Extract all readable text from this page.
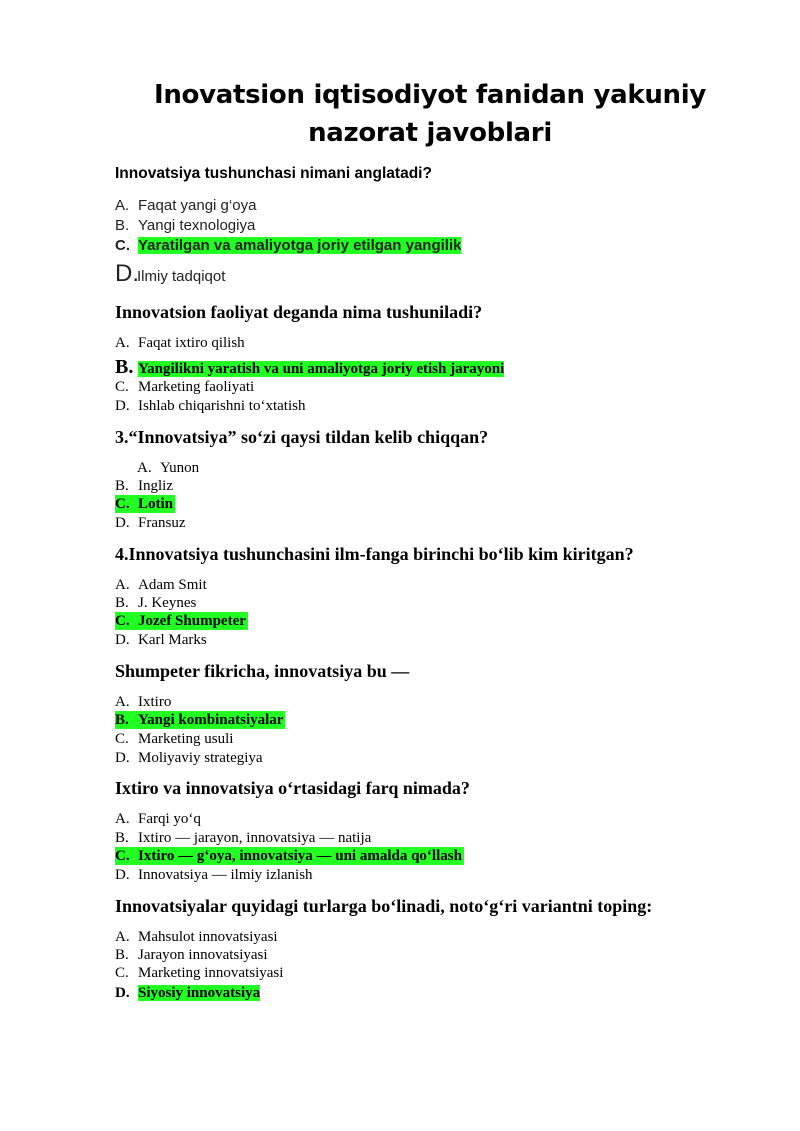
Inovatsion iqtisodiyot fanidan yakuniy nazorat javoblari
Innovatsiya tushunchasi nimani anglatadi?
A. Faqat yangi g‘oya
B. Yangi texnologiya
C. Yaratilgan va amaliyotga joriy etilgan yangilik
D.Ilmiy tadqiqot
Innovatsion faoliyat deganda nima tushuniladi?
A. Faqat ixtiro qilish
B. Yangilikni yaratish va uni amaliyotga joriy etish jarayoni
C. Marketing faoliyati
D. Ishlab chiqarishni to‘xtatish
3.“Innovatsiya” so‘zi qaysi tildan kelib chiqqan?
A. Yunon
B. Ingliz
C. Lotin
D. Fransuz
4.Innovatsiya tushunchasini ilm-fanga birinchi bo‘lib kim kiritgan?
A. Adam Smit
B. J. Keynes
C. Jozef Shumpeter
D. Karl Marks
Shumpeter fikricha, innovatsiya bu —
A. Ixtiro
B. Yangi kombinatsiyalar
C. Marketing usuli
D. Moliyaviy strategiya
Ixtiro va innovatsiya o‘rtasidagi farq nimada?
A. Farqi yo‘q
B. Ixtiro — jarayon, innovatsiya — natija
C. Ixtiro — g‘oya, innovatsiya — uni amalda qo‘llash
D. Innovatsiya — ilmiy izlanish
Innovatsiyalar quyidagi turlarga bo‘linadi, noto‘g‘ri variantni toping:
A. Mahsulot innovatsiyasi
B. Jarayon innovatsiyasi
C. Marketing innovatsiyasi
D. Siyosiy innovatsiya
